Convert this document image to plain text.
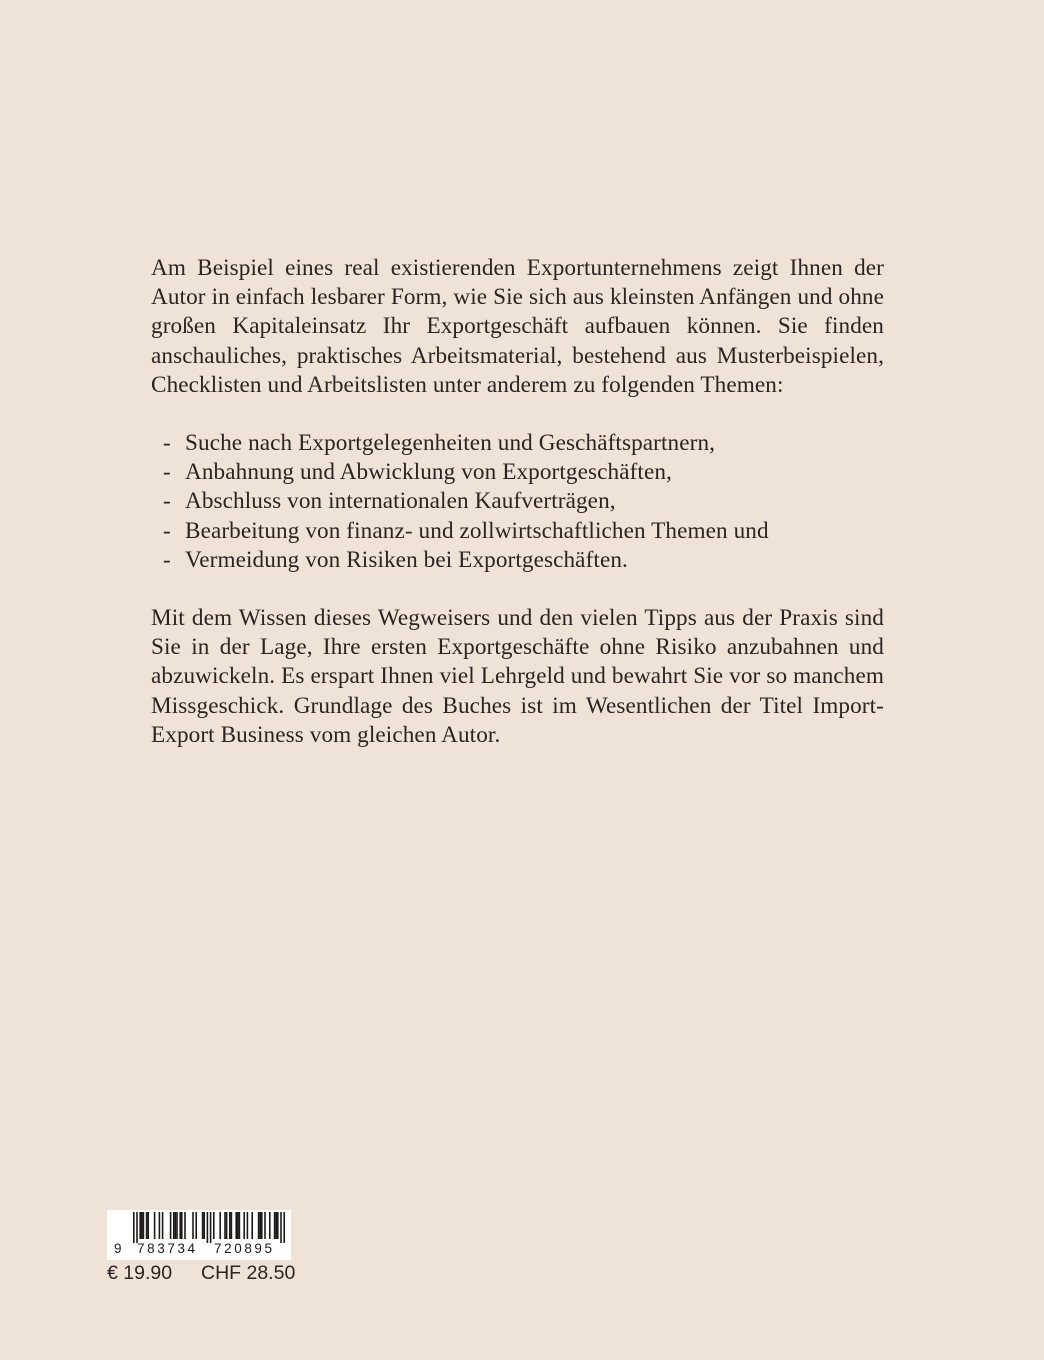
Am Beispiel eines real existierenden Exportunternehmens zeigt Ihnen der Autor in einfach lesbarer Form, wie Sie sich aus kleinsten Anfängen und ohne großen Kapitaleinsatz Ihr Exportgeschäft aufbauen können. Sie finden anschauliches, praktisches Arbeitsmaterial, bestehend aus Musterbeispielen, Checklisten und Arbeitslisten unter anderem zu folgenden Themen:

- Suche nach Exportgelegenheiten und Geschäftspartnern,
- Anbahnung und Abwicklung von Exportgeschäften,
- Abschluss von internationalen Kaufverträgen,
- Bearbeitung von finanz- und zollwirtschaftlichen Themen und
- Vermeidung von Risiken bei Exportgeschäften.

Mit dem Wissen dieses Wegweisers und den vielen Tipps aus der Praxis sind Sie in der Lage, Ihre ersten Exportgeschäfte ohne Risiko anzubahnen und abzuwickeln. Es erspart Ihnen viel Lehrgeld und bewahrt Sie vor so manchem Missgeschick. Grundlage des Buches ist im Wesentlichen der Titel Import-Export Business vom gleichen Autor.

9 783734 720895
€ 19.90 CHF 28.50
